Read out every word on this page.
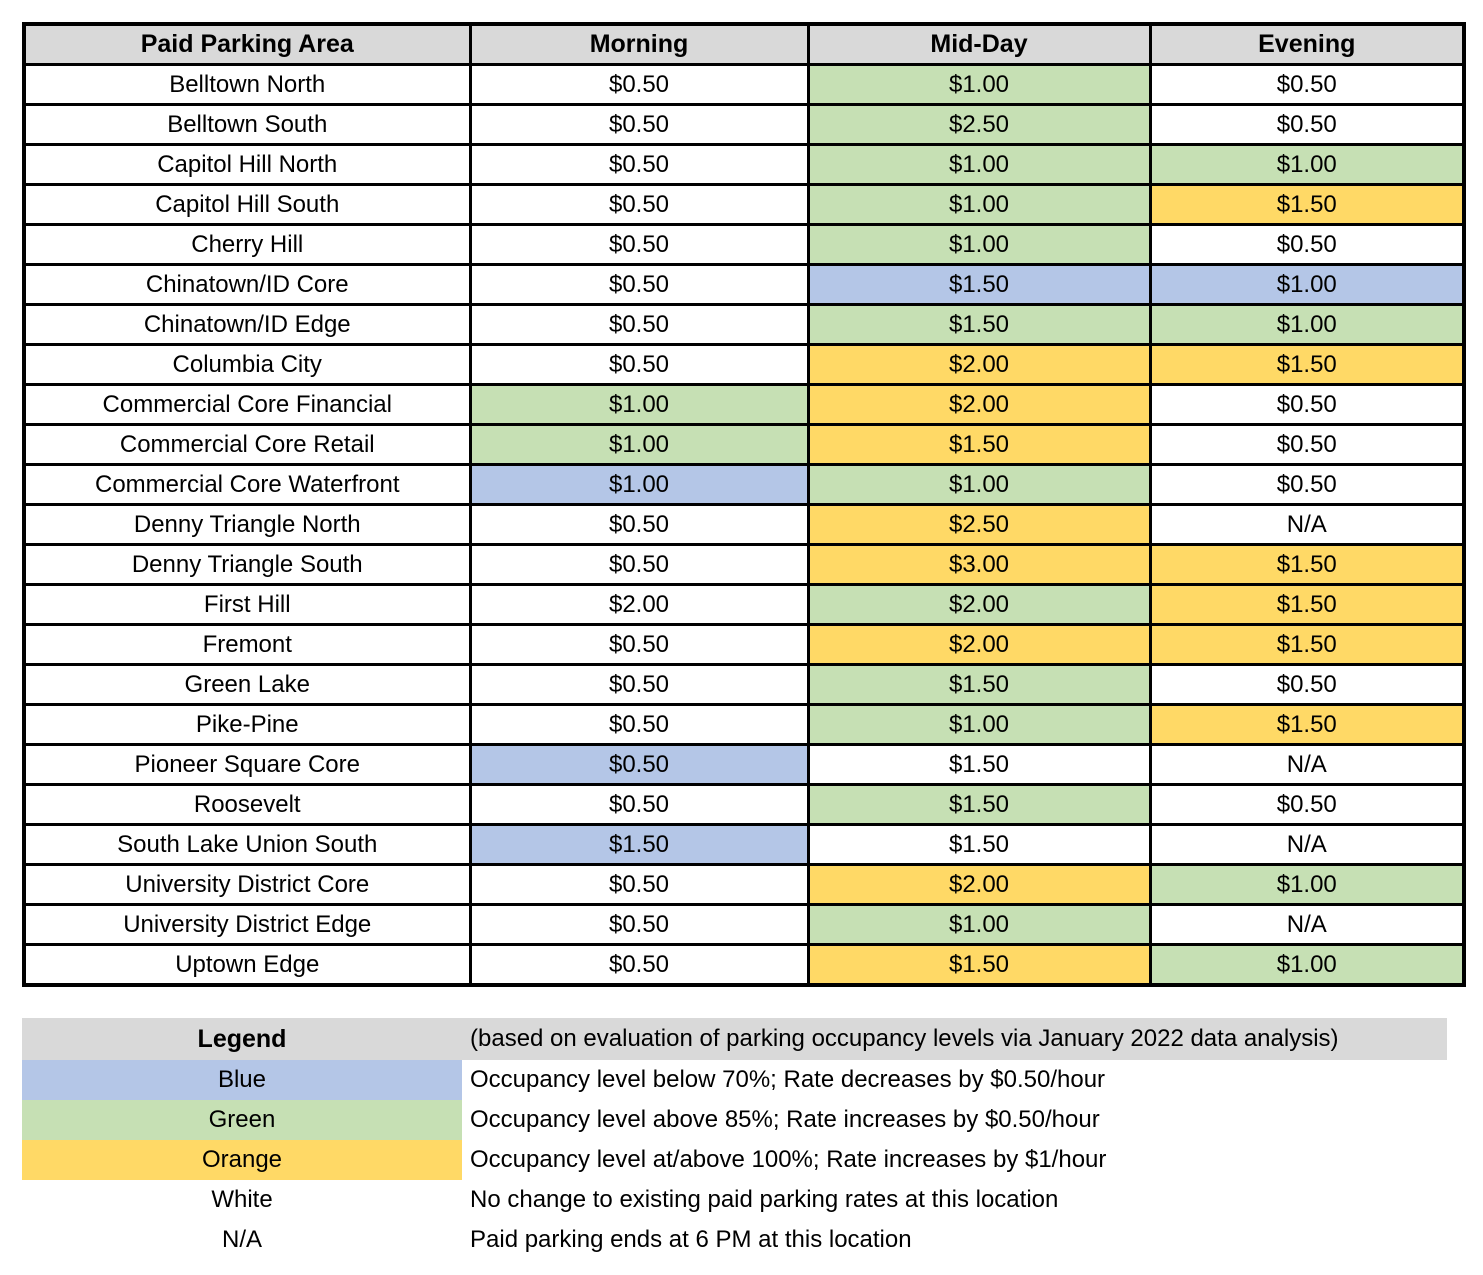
Paid Parking Area	Morning	Mid-Day	Evening
Belltown North	$0.50	$1.00	$0.50
Belltown South	$0.50	$2.50	$0.50
Capitol Hill North	$0.50	$1.00	$1.00
Capitol Hill South	$0.50	$1.00	$1.50
Cherry Hill	$0.50	$1.00	$0.50
Chinatown/ID Core	$0.50	$1.50	$1.00
Chinatown/ID Edge	$0.50	$1.50	$1.00
Columbia City	$0.50	$2.00	$1.50
Commercial Core Financial	$1.00	$2.00	$0.50
Commercial Core Retail	$1.00	$1.50	$0.50
Commercial Core Waterfront	$1.00	$1.00	$0.50
Denny Triangle North	$0.50	$2.50	N/A
Denny Triangle South	$0.50	$3.00	$1.50
First Hill	$2.00	$2.00	$1.50
Fremont	$0.50	$2.00	$1.50
Green Lake	$0.50	$1.50	$0.50
Pike-Pine	$0.50	$1.00	$1.50
Pioneer Square Core	$0.50	$1.50	N/A
Roosevelt	$0.50	$1.50	$0.50
South Lake Union South	$1.50	$1.50	N/A
University District Core	$0.50	$2.00	$1.00
University District Edge	$0.50	$1.00	N/A
Uptown Edge	$0.50	$1.50	$1.00
Legend	(based on evaluation of parking occupancy levels via January 2022 data analysis)
Blue	Occupancy level below 70%; Rate decreases by $0.50/hour
Green	Occupancy level above 85%; Rate increases by $0.50/hour
Orange	Occupancy level at/above 100%; Rate increases by $1/hour
White	No change to existing paid parking rates at this location
N/A	Paid parking ends at 6 PM at this location
